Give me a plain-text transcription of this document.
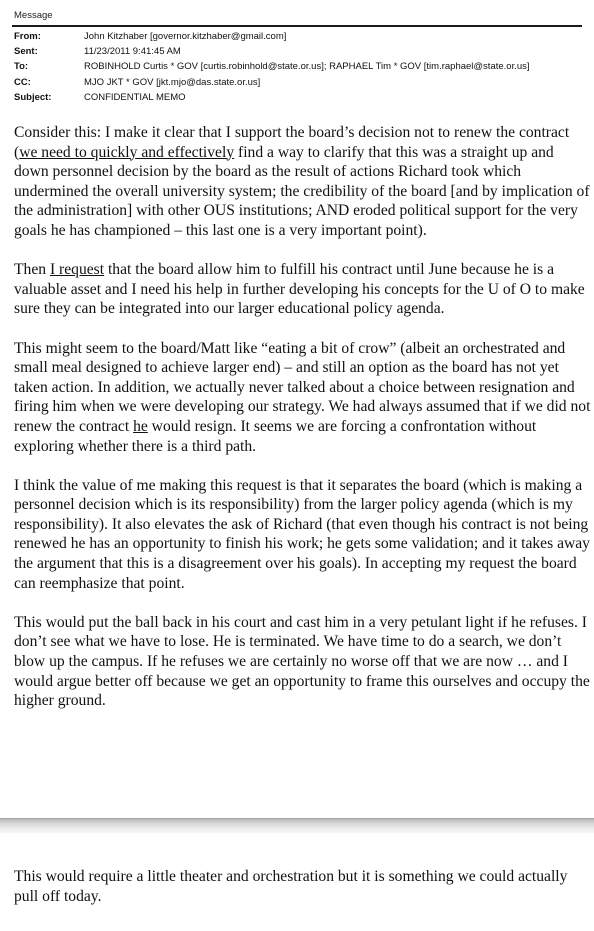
Message
From:	John Kitzhaber [governor.kitzhaber@gmail.com]
Sent:	11/23/2011 9:41:45 AM
To:	ROBINHOLD Curtis * GOV [curtis.robinhold@state.or.us]; RAPHAEL Tim * GOV [tim.raphael@state.or.us]
CC:	MJO JKT * GOV [jkt.mjo@das.state.or.us]
Subject:	CONFIDENTIAL MEMO

Consider this: I make it clear that I support the board’s decision not to renew the contract (we need to quickly and effectively find a way to clarify that this was a straight up and down personnel decision by the board as the result of actions Richard took which undermined the overall university system; the credibility of the board [and by implication of the administration] with other OUS institutions; AND eroded political support for the very goals he has championed – this last one is a very important point).

Then I request that the board allow him to fulfill his contract until June because he is a valuable asset and I need his help in further developing his concepts for the U of O to make sure they can be integrated into our larger educational policy agenda.

This might seem to the board/Matt like “eating a bit of crow” (albeit an orchestrated and small meal designed to achieve larger end) – and still an option as the board has not yet taken action. In addition, we actually never talked about a choice between resignation and firing him when we were developing our strategy. We had always assumed that if we did not renew the contract he would resign. It seems we are forcing a confrontation without exploring whether there is a third path.

I think the value of me making this request is that it separates the board (which is making a personnel decision which is its responsibility) from the larger policy agenda (which is my responsibility). It also elevates the ask of Richard (that even though his contract is not being renewed he has an opportunity to finish his work; he gets some validation; and it takes away the argument that this is a disagreement over his goals). In accepting my request the board can reemphasize that point.

This would put the ball back in his court and cast him in a very petulant light if he refuses. I don’t see what we have to lose. He is terminated. We have time to do a search, we don’t blow up the campus. If he refuses we are certainly no worse off that we are now … and I would argue better off because we get an opportunity to frame this ourselves and occupy the higher ground.

This would require a little theater and orchestration but it is something we could actually pull off today.
